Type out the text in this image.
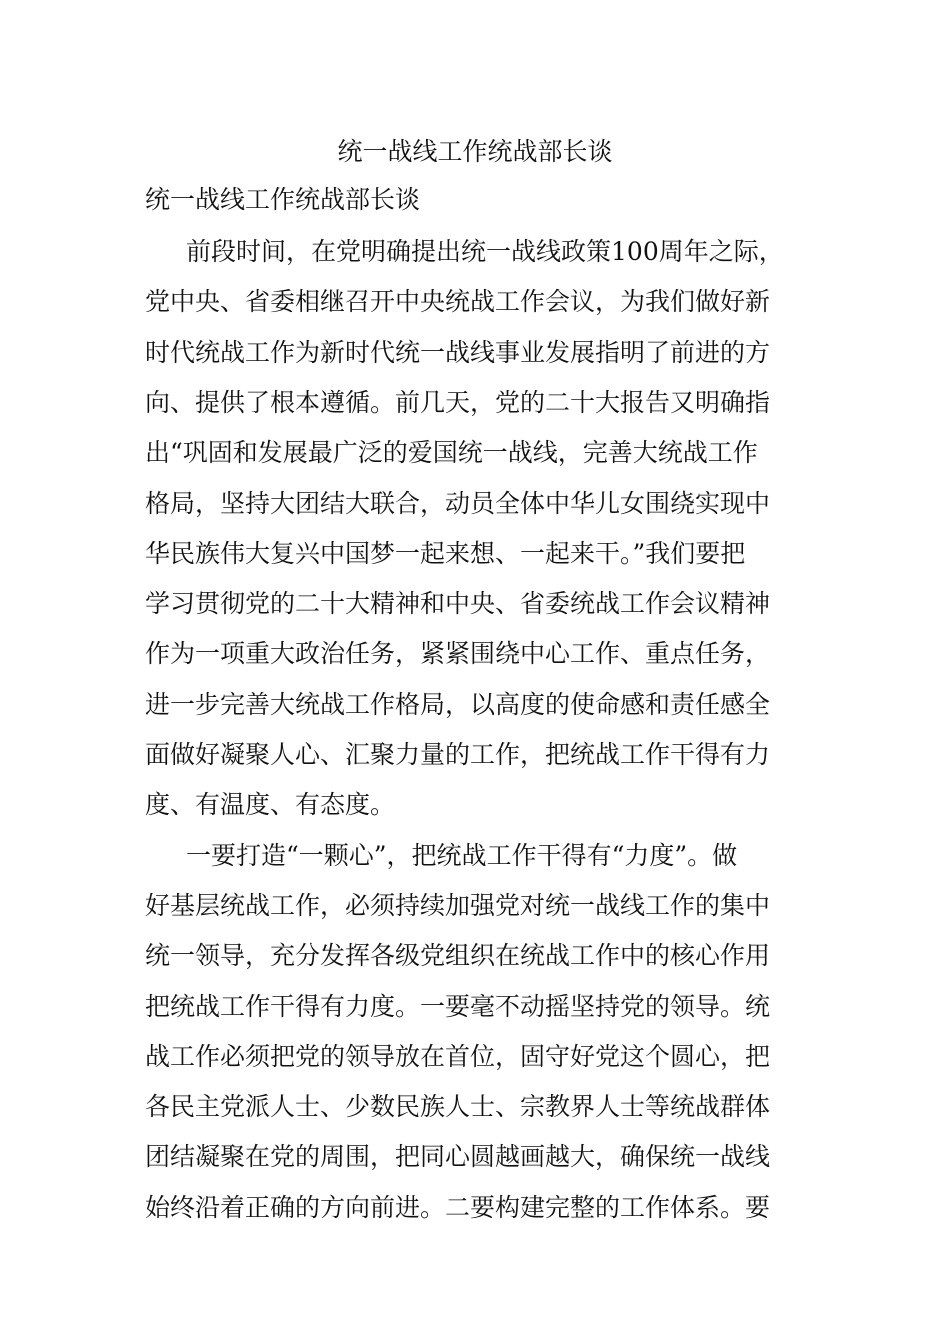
统一战线工作统战部长谈
统一战线工作统战部长谈
前段时间，在党明确提出统一战线政策100周年之际，
党中央、省委相继召开中央统战工作会议，为我们做好新
时代统战工作为新时代统一战线事业发展指明了前进的方
向、提供了根本遵循。前几天，党的二十大报告又明确指
出“巩固和发展最广泛的爱国统一战线，完善大统战工作
格局，坚持大团结大联合，动员全体中华儿女围绕实现中
华民族伟大复兴中国梦一起来想、一起来干。”我们要把
学习贯彻党的二十大精神和中央、省委统战工作会议精神
作为一项重大政治任务，紧紧围绕中心工作、重点任务，
进一步完善大统战工作格局，以高度的使命感和责任感全
面做好凝聚人心、汇聚力量的工作，把统战工作干得有力
度、有温度、有态度。
一要打造“一颗心”，把统战工作干得有“力度”。做
好基层统战工作，必须持续加强党对统一战线工作的集中
统一领导，充分发挥各级党组织在统战工作中的核心作用
把统战工作干得有力度。一要毫不动摇坚持党的领导。统
战工作必须把党的领导放在首位，固守好党这个圆心，把
各民主党派人士、少数民族人士、宗教界人士等统战群体
团结凝聚在党的周围，把同心圆越画越大，确保统一战线
始终沿着正确的方向前进。二要构建完整的工作体系。要
